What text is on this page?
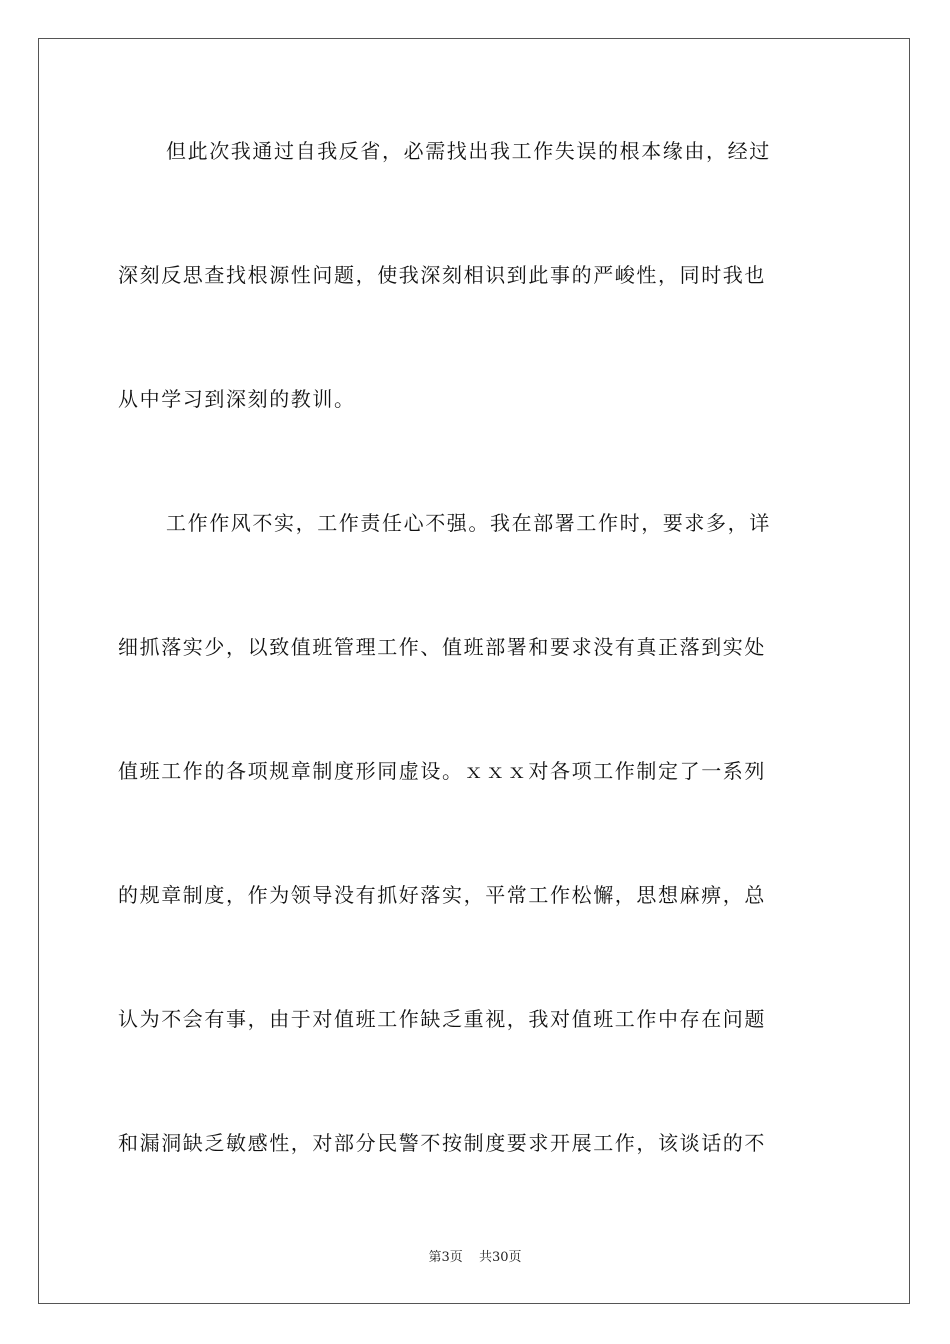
但此次我通过自我反省，必需找出我工作失误的根本缘由，经过
深刻反思查找根源性问题，使我深刻相识到此事的严峻性，同时我也
从中学习到深刻的教训。
工作作风不实，工作责任心不强。我在部署工作时，要求多，详
细抓落实少，以致值班管理工作、值班部署和要求没有真正落到实处
值班工作的各项规章制度形同虚设。ｘｘｘ对各项工作制定了一系列
的规章制度，作为领导没有抓好落实，平常工作松懈，思想麻痹，总
认为不会有事，由于对值班工作缺乏重视，我对值班工作中存在问题
和漏洞缺乏敏感性，对部分民警不按制度要求开展工作，该谈话的不
第3页 共30页
